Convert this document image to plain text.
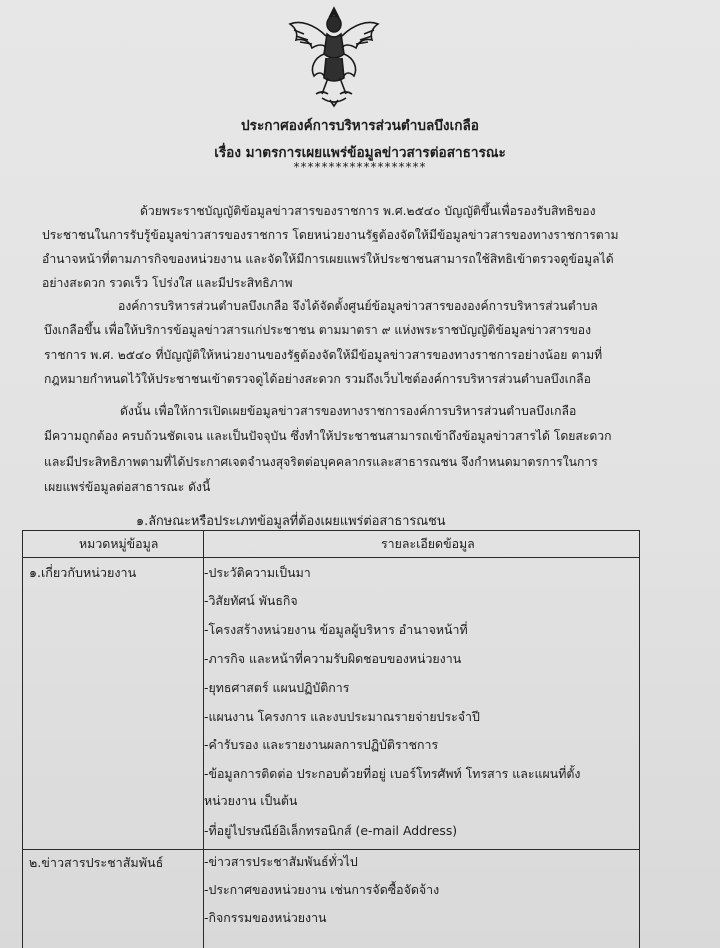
ประกาศองค์การบริหารส่วนตำบลบึงเกลือ
เรื่อง มาตรการเผยแพร่ข้อมูลข่าวสารต่อสาธารณะ
*******************
ด้วยพระราชบัญญัติข้อมูลข่าวสารของราชการ พ.ศ.๒๕๔๐ บัญญัติขึ้นเพื่อรองรับสิทธิของ
ประชาชนในการรับรู้ข้อมูลข่าวสารของราชการ โดยหน่วยงานรัฐต้องจัดให้มีข้อมูลข่าวสารของทางราชการตาม
อำนาจหน้าที่ตามภารกิจของหน่วยงาน และจัดให้มีการเผยแพร่ให้ประชาชนสามารถใช้สิทธิเข้าตรวจดูข้อมูลได้
อย่างสะดวก รวดเร็ว โปร่งใส และมีประสิทธิภาพ
องค์การบริหารส่วนตำบลบึงเกลือ จึงได้จัดตั้งศูนย์ข้อมูลข่าวสารขององค์การบริหารส่วนตำบล
บึงเกลือขึ้น เพื่อให้บริการข้อมูลข่าวสารแก่ประชาชน ตามมาตรา ๙ แห่งพระราชบัญญัติข้อมูลข่าวสารของ
ราชการ พ.ศ. ๒๕๔๐ ที่บัญญัติให้หน่วยงานของรัฐต้องจัดให้มีข้อมูลข่าวสารของทางราชการอย่างน้อย ตามที่
กฎหมายกำหนดไว้ให้ประชาชนเข้าตรวจดูได้อย่างสะดวก รวมถึงเว็บไซต์องค์การบริหารส่วนตำบลบึงเกลือ
ดังนั้น เพื่อให้การเปิดเผยข้อมูลข่าวสารของทางราชการองค์การบริหารส่วนตำบลบึงเกลือ
มีความถูกต้อง ครบถ้วนชัดเจน และเป็นปัจจุบัน ซึ่งทำให้ประชาชนสามารถเข้าถึงข้อมูลข่าวสารได้ โดยสะดวก
และมีประสิทธิภาพตามที่ได้ประกาศเจตจำนงสุจริตต่อบุคคลากรและสาธารณชน จึงกำหนดมาตรการในการ
เผยแพร่ข้อมูลต่อสาธารณะ ดังนี้
๑.ลักษณะหรือประเภทข้อมูลที่ต้องเผยแพร่ต่อสาธารณชน
หมวดหมู่ข้อมูล	รายละเอียดข้อมูล
๑.เกี่ยวกับหน่วยงาน	-ประวัติความเป็นมา
-วิสัยทัศน์ พันธกิจ
-โครงสร้างหน่วยงาน ข้อมูลผู้บริหาร อำนาจหน้าที่
-ภารกิจ และหน้าที่ความรับผิดชอบของหน่วยงาน
-ยุทธศาสตร์ แผนปฏิบัติการ
-แผนงาน โครงการ และงบประมาณรายจ่ายประจำปี
-คำรับรอง และรายงานผลการปฏิบัติราชการ
-ข้อมูลการติดต่อ ประกอบด้วยที่อยู่ เบอร์โทรศัพท์ โทรสาร และแผนที่ตั้ง
หน่วยงาน เป็นต้น
-ที่อยู่ไปรษณีย์อิเล็กทรอนิกส์ (e-mail Address)
๒.ข่าวสารประชาสัมพันธ์	-ข่าวสารประชาสัมพันธ์ทั่วไป
-ประกาศของหน่วยงาน เช่นการจัดซื้อจัดจ้าง
-กิจกรรมของหน่วยงาน
